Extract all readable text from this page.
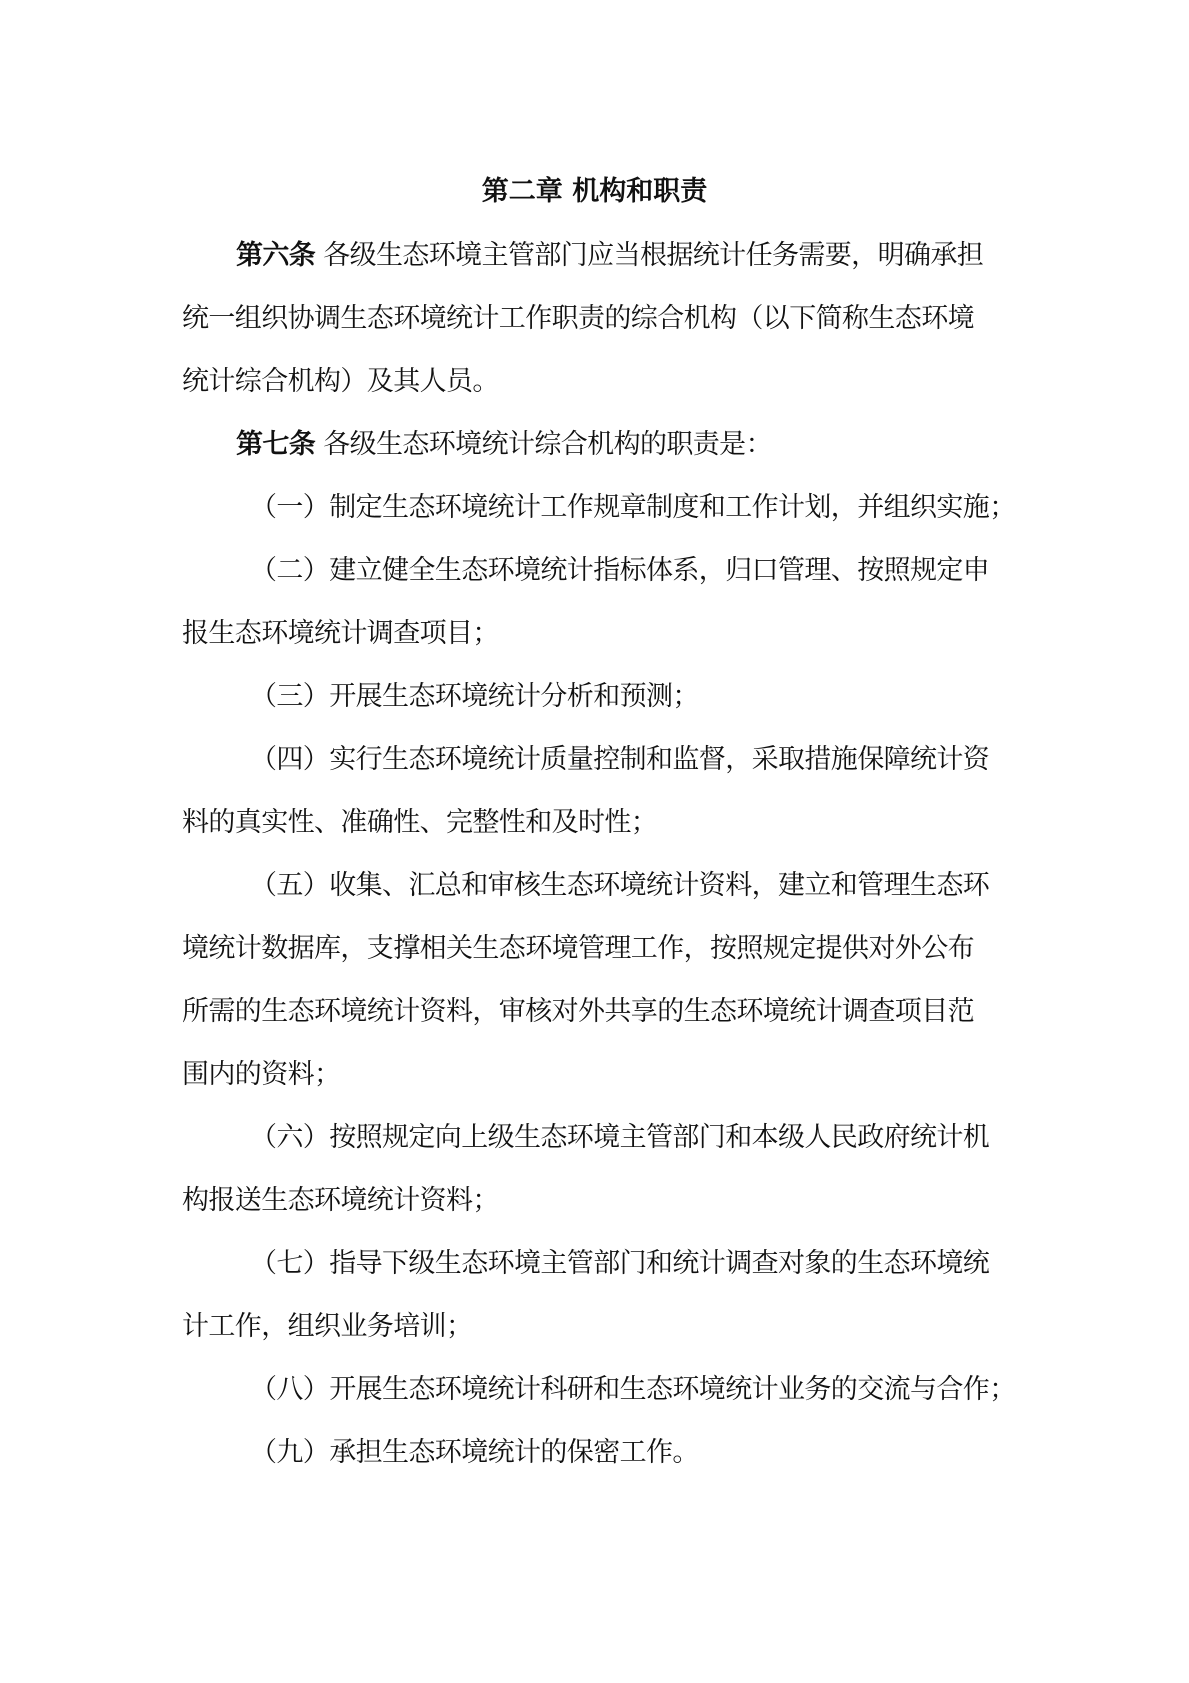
第二章 机构和职责
第六条 各级生态环境主管部门应当根据统计任务需要，明确承担
统一组织协调生态环境统计工作职责的综合机构（以下简称生态环境
统计综合机构）及其人员。
第七条 各级生态环境统计综合机构的职责是：
（一）制定生态环境统计工作规章制度和工作计划，并组织实施；
（二）建立健全生态环境统计指标体系，归口管理、按照规定申
报生态环境统计调查项目；
（三）开展生态环境统计分析和预测；
（四）实行生态环境统计质量控制和监督，采取措施保障统计资
料的真实性、准确性、完整性和及时性；
（五）收集、汇总和审核生态环境统计资料，建立和管理生态环
境统计数据库，支撑相关生态环境管理工作，按照规定提供对外公布
所需的生态环境统计资料，审核对外共享的生态环境统计调查项目范
围内的资料；
（六）按照规定向上级生态环境主管部门和本级人民政府统计机
构报送生态环境统计资料；
（七）指导下级生态环境主管部门和统计调查对象的生态环境统
计工作，组织业务培训；
（八）开展生态环境统计科研和生态环境统计业务的交流与合作；
（九）承担生态环境统计的保密工作。
